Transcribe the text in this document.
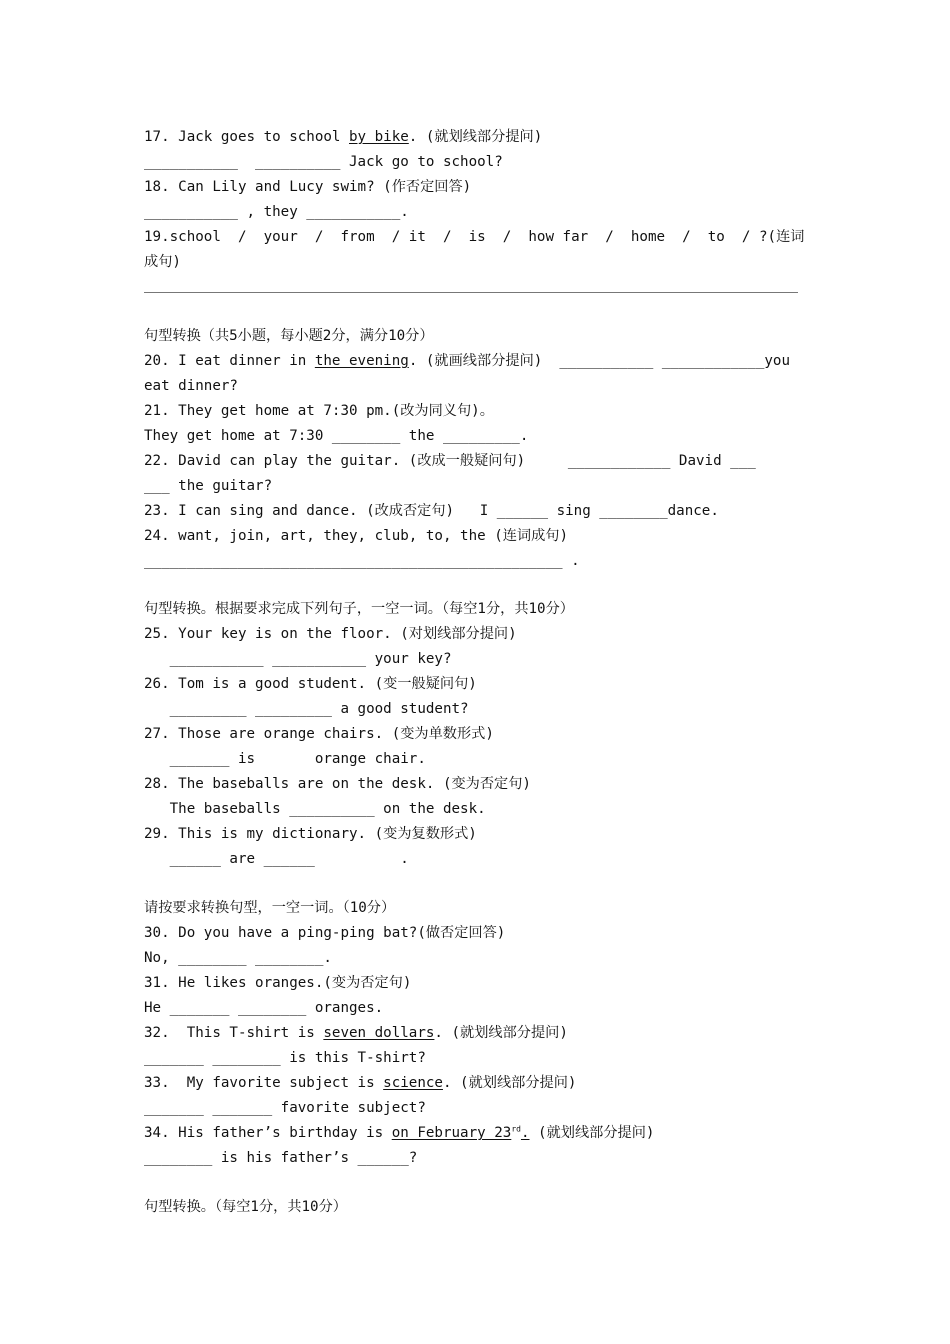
17. Jack goes to school by bike. (就划线部分提问)
___________  __________ Jack go to school?
18. Can Lily and Lucy swim? (作否定回答)
___________ , they ___________.
19.school  /  your  /  from  / it  /  is  /  how far  /  home  /  to  / ?(连词
成句)
句型转换（共5小题，每小题2分，满分10分）
20. I eat dinner in the evening. (就画线部分提问)  ___________ ____________you
eat dinner?
21. They get home at 7:30 pm.(改为同义句)。
They get home at 7:30 ________ the _________.
22. David can play the guitar. (改成一般疑问句)     ____________ David ___
___ the guitar?
23. I can sing and dance. (改成否定句)   I ______ sing ________dance.
24. want, join, art, they, club, to, the (连词成句)
_________________________________________________ .
句型转换。根据要求完成下列句子，一空一词。（每空1分，共10分）
25. Your key is on the floor. (对划线部分提问)
___________ ___________ your key?
26. Tom is a good student. (变一般疑问句)
_________ _________ a good student?
27. Those are orange chairs. (变为单数形式)
_______ is       orange chair.
28. The baseballs are on the desk. (变为否定句)
The baseballs __________ on the desk.
29. This is my dictionary. (变为复数形式)
______ are ______          .
请按要求转换句型，一空一词。（10分）
30. Do you have a ping-ping bat?(做否定回答)
No, ________ ________.
31. He likes oranges.(变为否定句)
He _______ ________ oranges.
32.  This T-shirt is seven dollars. (就划线部分提问)
_______ ________ is this T-shirt?
33.  My favorite subject is science. (就划线部分提问)
_______ _______ favorite subject?
34. His father’s birthday is on February 23rd. (就划线部分提问)
________ is his father’s ______?
句型转换。（每空1分，共10分）
